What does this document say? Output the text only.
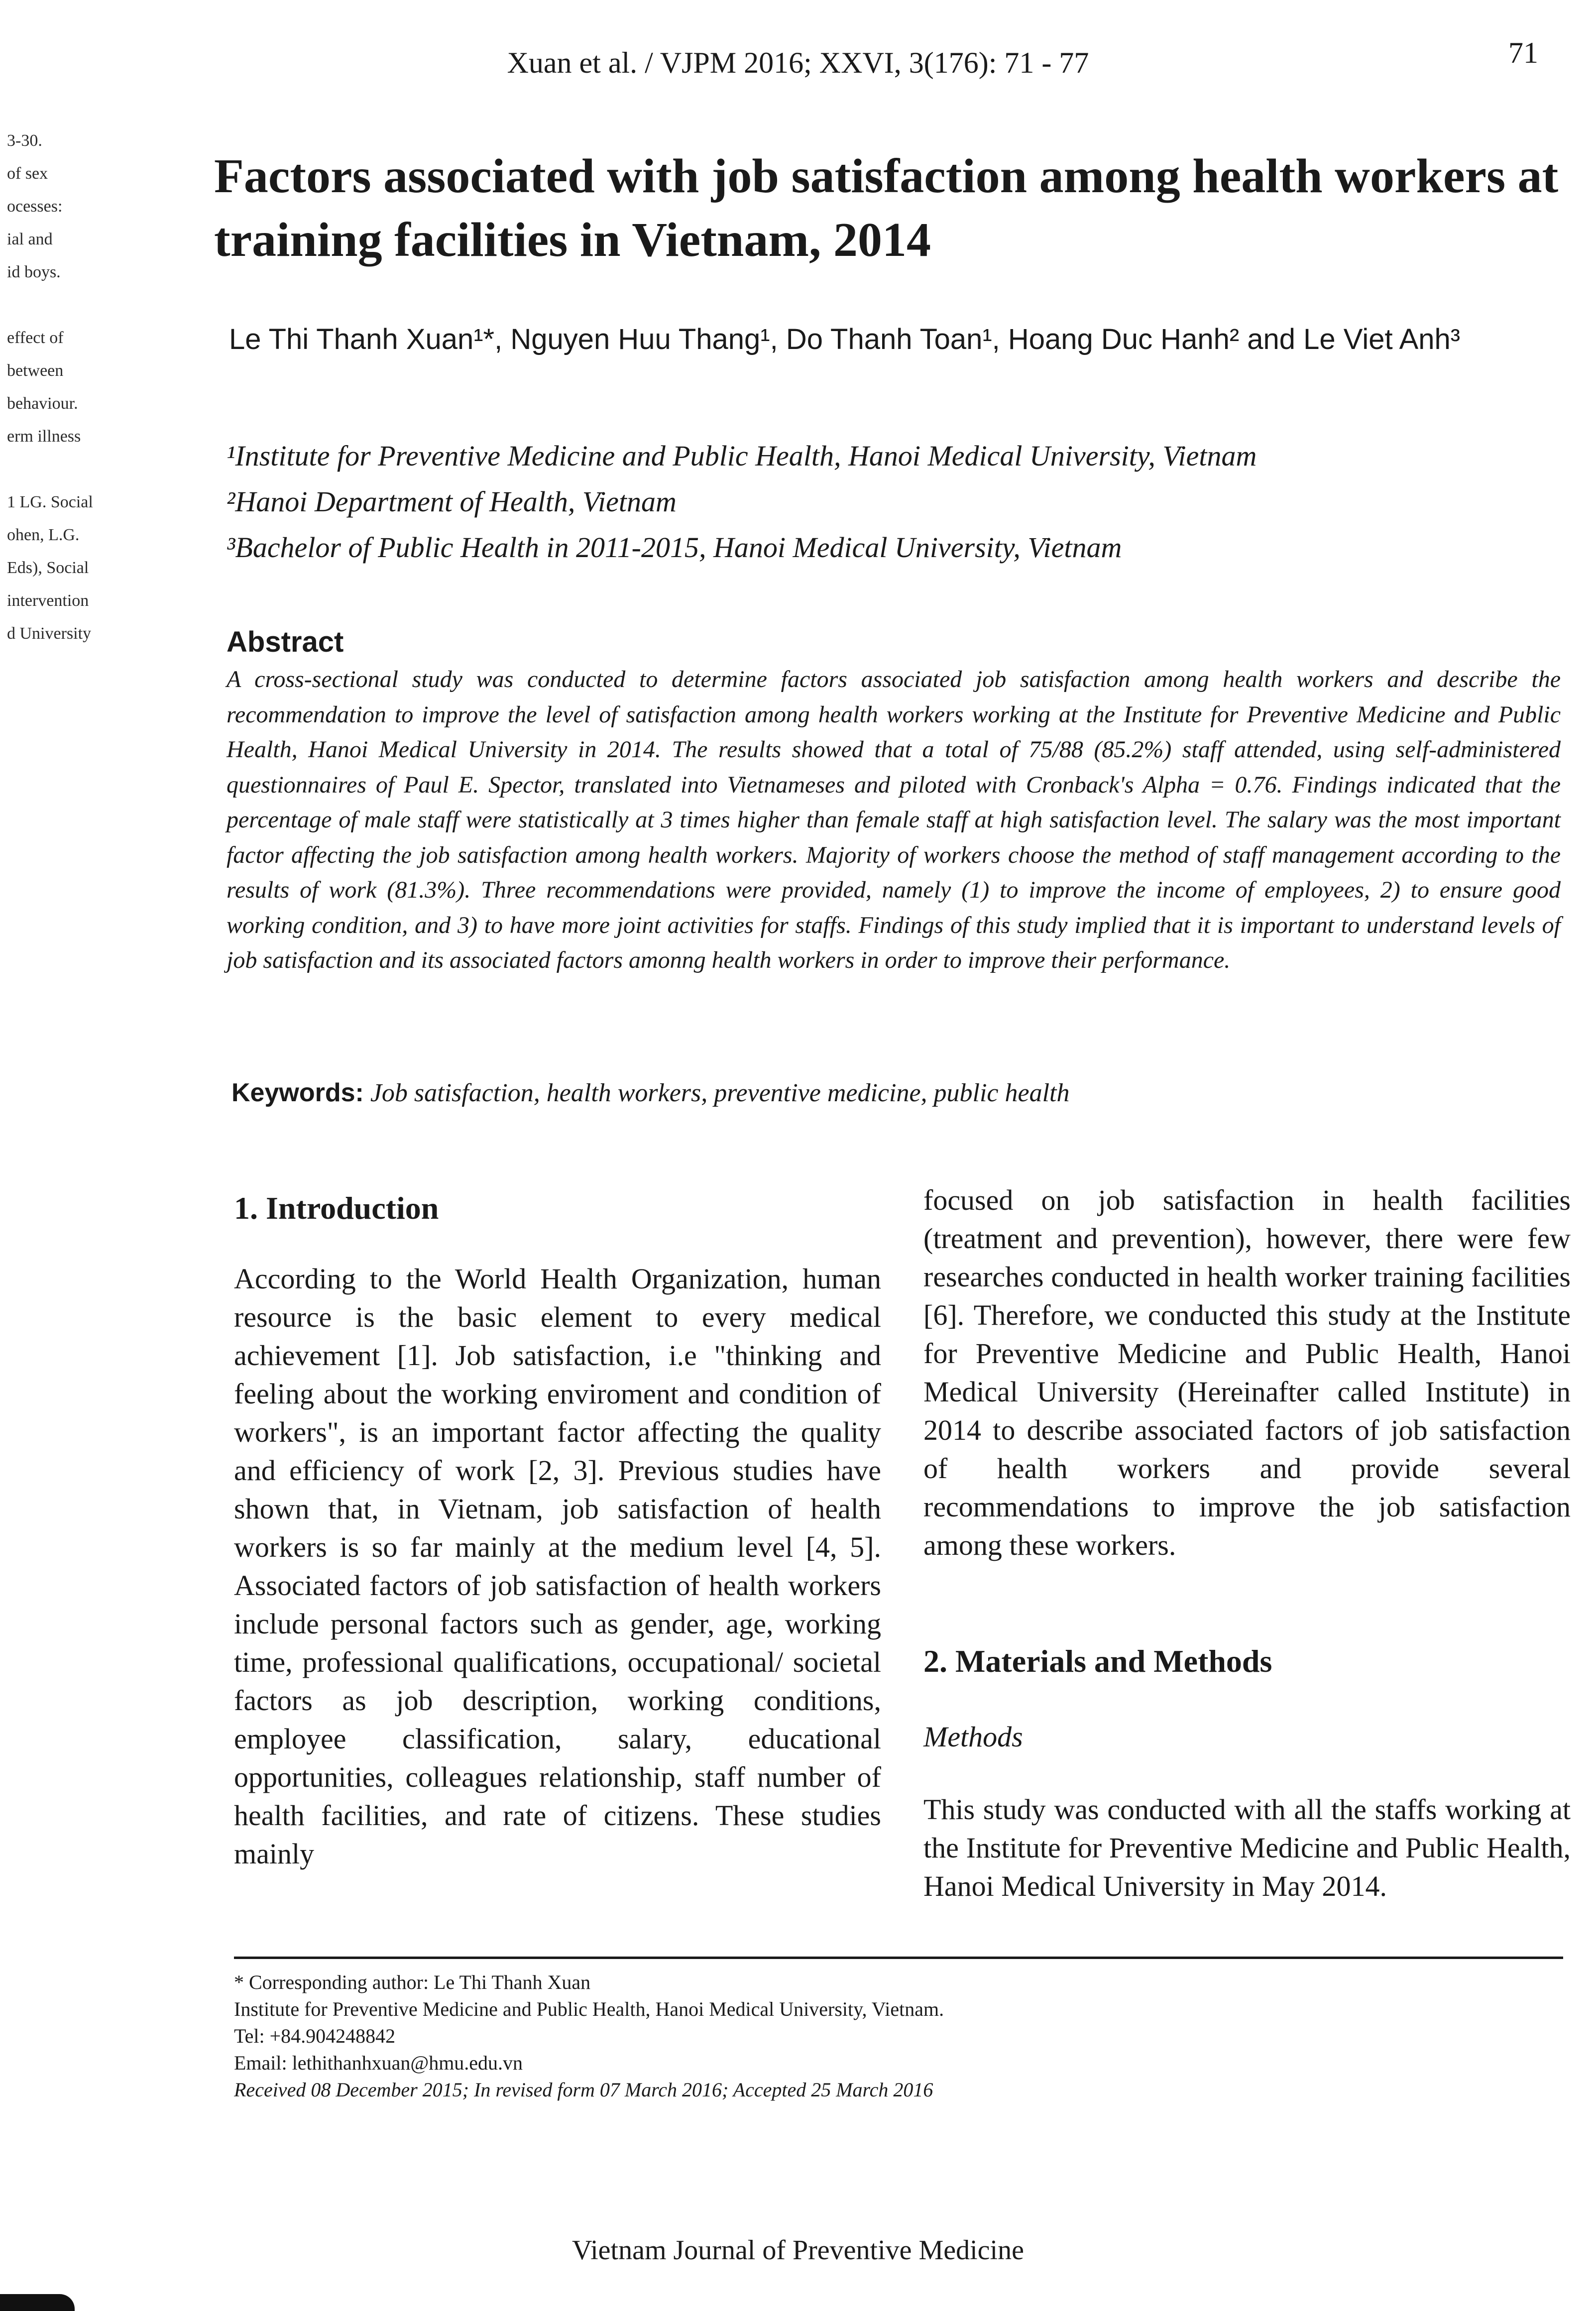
Xuan et al. / VJPM 2016; XXVI, 3(176): 71 - 77	71
3-30.
of sex
ocesses:
ial and
id boys.

effect of
between
behaviour.
erm illness

1 LG. Social
ohen, L.G.
Eds), Social
intervention
d University
Factors associated with job satisfaction among health workers at training facilities in Vietnam, 2014
Le Thi Thanh Xuan¹*, Nguyen Huu Thang¹, Do Thanh Toan¹, Hoang Duc Hanh² and Le Viet Anh³
¹Institute for Preventive Medicine and Public Health, Hanoi Medical University, Vietnam
²Hanoi Department of Health, Vietnam
³Bachelor of Public Health in 2011-2015, Hanoi Medical University, Vietnam
Abstract

A cross-sectional study was conducted to determine factors associated job satisfaction among health workers and describe the recommendation to improve the level of satisfaction among health workers working at the Institute for Preventive Medicine and Public Health, Hanoi Medical University in 2014. The results showed that a total of 75/88 (85.2%) staff attended, using self-administered questionnaires of Paul E. Spector, translated into Vietnameses and piloted with Cronback's Alpha = 0.76. Findings indicated that the percentage of male staff were statistically at 3 times higher than female staff at high satisfaction level. The salary was the most important factor affecting the job satisfaction among health workers. Majority of workers choose the method of staff management according to the results of work (81.3%). Three recommendations were provided, namely (1) to improve the income of employees, 2) to ensure good working condition, and 3) to have more joint activities for staffs. Findings of this study implied that it is important to understand levels of job satisfaction and its associated factors amonng health workers in order to improve their performance.

Keywords: Job satisfaction, health workers, preventive medicine, public health
1. Introduction

According to the World Health Organization, human resource is the basic element to every medical achievement [1]. Job satisfaction, i.e "thinking and feeling about the working enviroment and condition of workers", is an important factor affecting the quality and efficiency of work [2, 3]. Previous studies have shown that, in Vietnam, job satisfaction of health workers is so far mainly at the medium level [4, 5]. Associated factors of job satisfaction of health workers include personal factors such as gender, age, working time, professional qualifications, occupational/ societal factors as job description, working conditions, employee classification, salary, educational opportunities, colleagues relationship, staff number of health facilities, and rate of citizens. These studies mainly

focused on job satisfaction in health facilities (treatment and prevention), however, there were few researches conducted in health worker training facilities [6]. Therefore, we conducted this study at the Institute for Preventive Medicine and Public Health, Hanoi Medical University (Hereinafter called Institute) in 2014 to describe associated factors of job satisfaction of health workers and provide several recommendations to improve the job satisfaction among these workers.

2. Materials and Methods
Methods

This study was conducted with all the staffs working at the Institute for Preventive Medicine and Public Health, Hanoi Medical University in May 2014.

* Corresponding author: Le Thi Thanh Xuan
Institute for Preventive Medicine and Public Health, Hanoi Medical University, Vietnam.
Tel: +84.904248842
Email: lethithanhxuan@hmu.edu.vn
Received 08 December 2015; In revised form 07 March 2016; Accepted 25 March 2016
Vietnam Journal of Preventive Medicine
